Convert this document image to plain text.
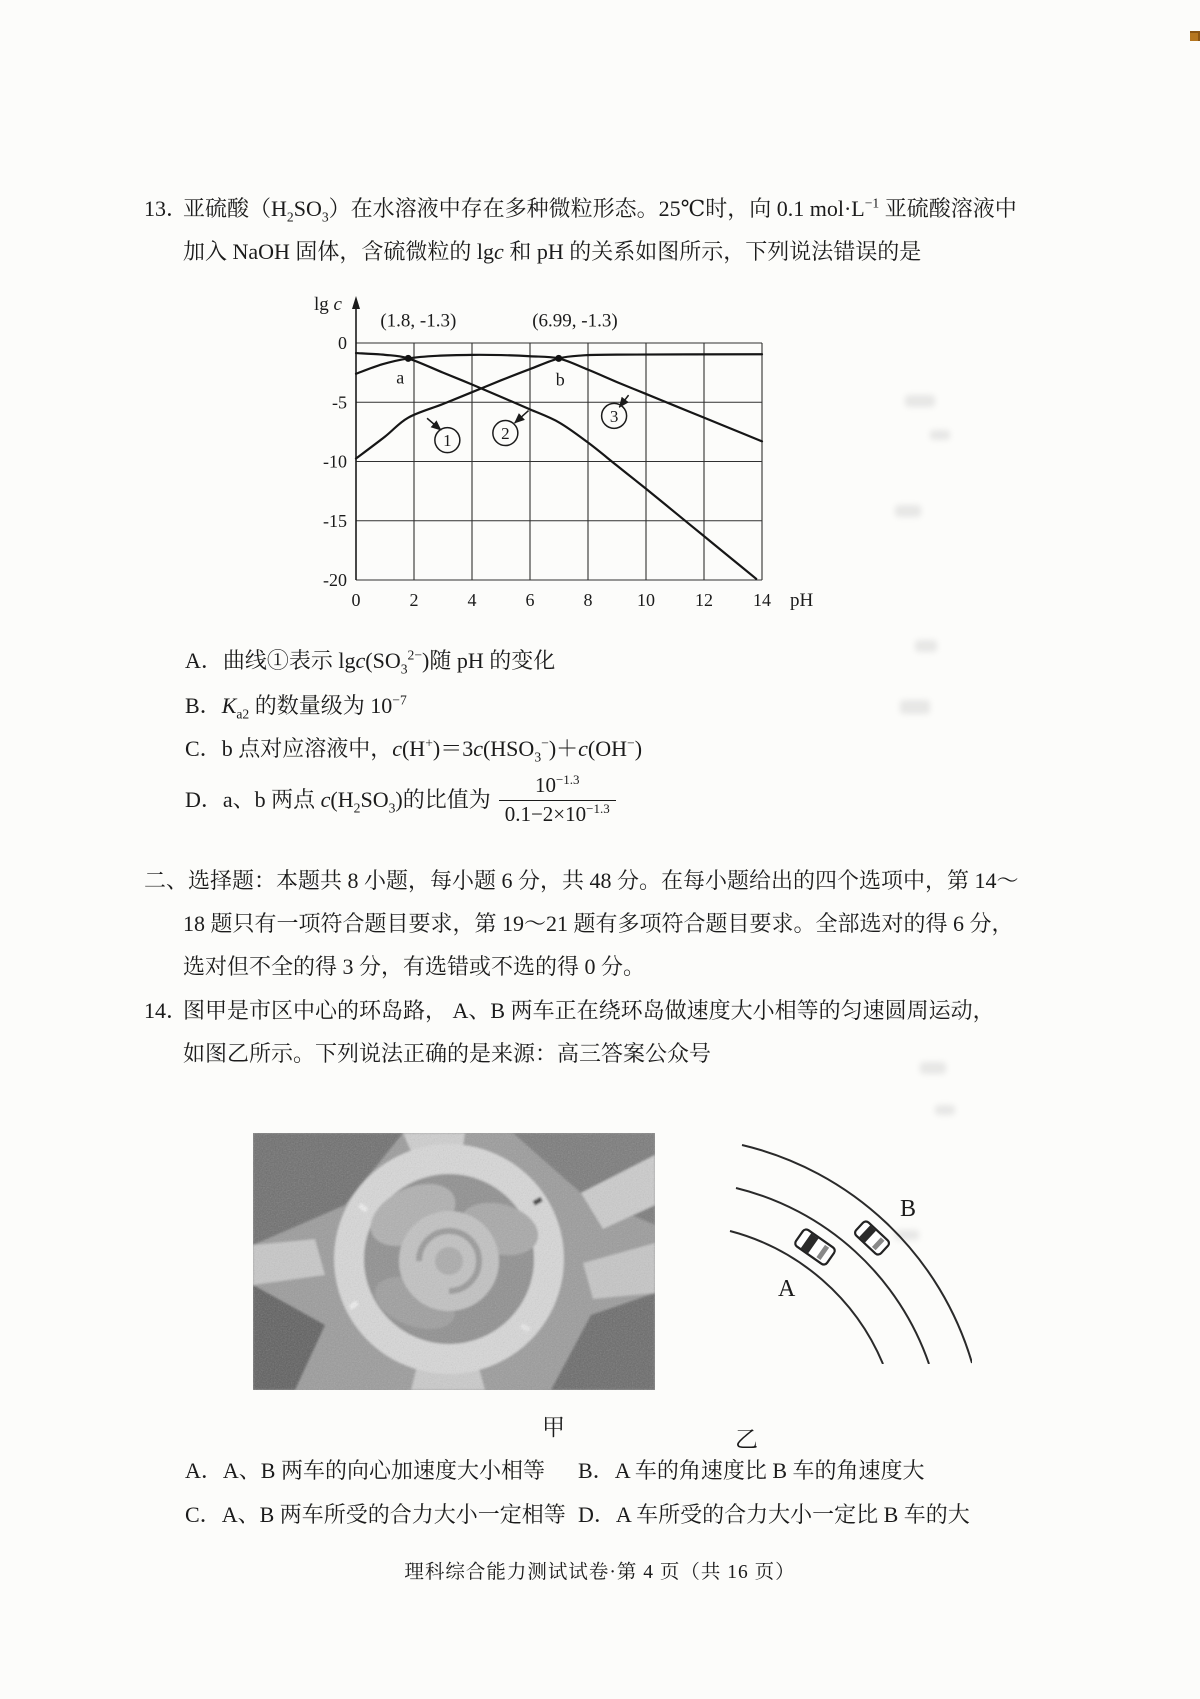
13．
亚硫酸$(H_2SO_3)$在水溶液中存在多种微粒形态。25℃时，向 0.1 $mol\cdot L^{-1}$ 亚硫酸溶液中
加入 NaOH 固体，含硫微粒的 lgc 和 pH 的关系如图所示，下列说法错误的是
0	2	4	6	8 10 12 14
0
-5
-10
-15
-20
pH
lg c
a	b
(1.8, -1.3)	(6.99, -1.3)
1	2
3
A． 曲线①表示 $\lg c(SO_3^{2-})$随 pH 的变化
B． $K_{a2}$ 的数量级为 $10^{-7}$
C． b 点对应溶液中，$c(H^+)=3c(HSO_3^-)+c(OH^-)$
D． a、b 两点 $c(H_2SO_3)$的比值为 $\frac{10^{-1.3}}{0.1-2\times 10^{-1.3}}$
二、选择题：本题共 8 小题，每小题 6 分，共 48 分。在每小题给出的四个选项中，第 14～
18 题只有一项符合题目要求，第 19～21 题有多项符合题目要求。全部选对的得 6 分，
选对但不全的得 3 分，有选错或不选的得 0 分。
14．
图甲是市区中心的环岛路， A、B 两车正在绕环岛做速度大小相等的匀速圆周运动，
如图乙所示。下列说法正确的是来源：高三答案公众号
B
A
甲	乙
A． A、B 两车的向心加速度大小相等 B． A 车的角速度比 B 车的角速度大
C． A、B 两车所受的合力大小一定相等 D． A 车所受的合力大小一定比 B 车的大
理科综合能力测试试卷·第 4 页（共 16 页）
